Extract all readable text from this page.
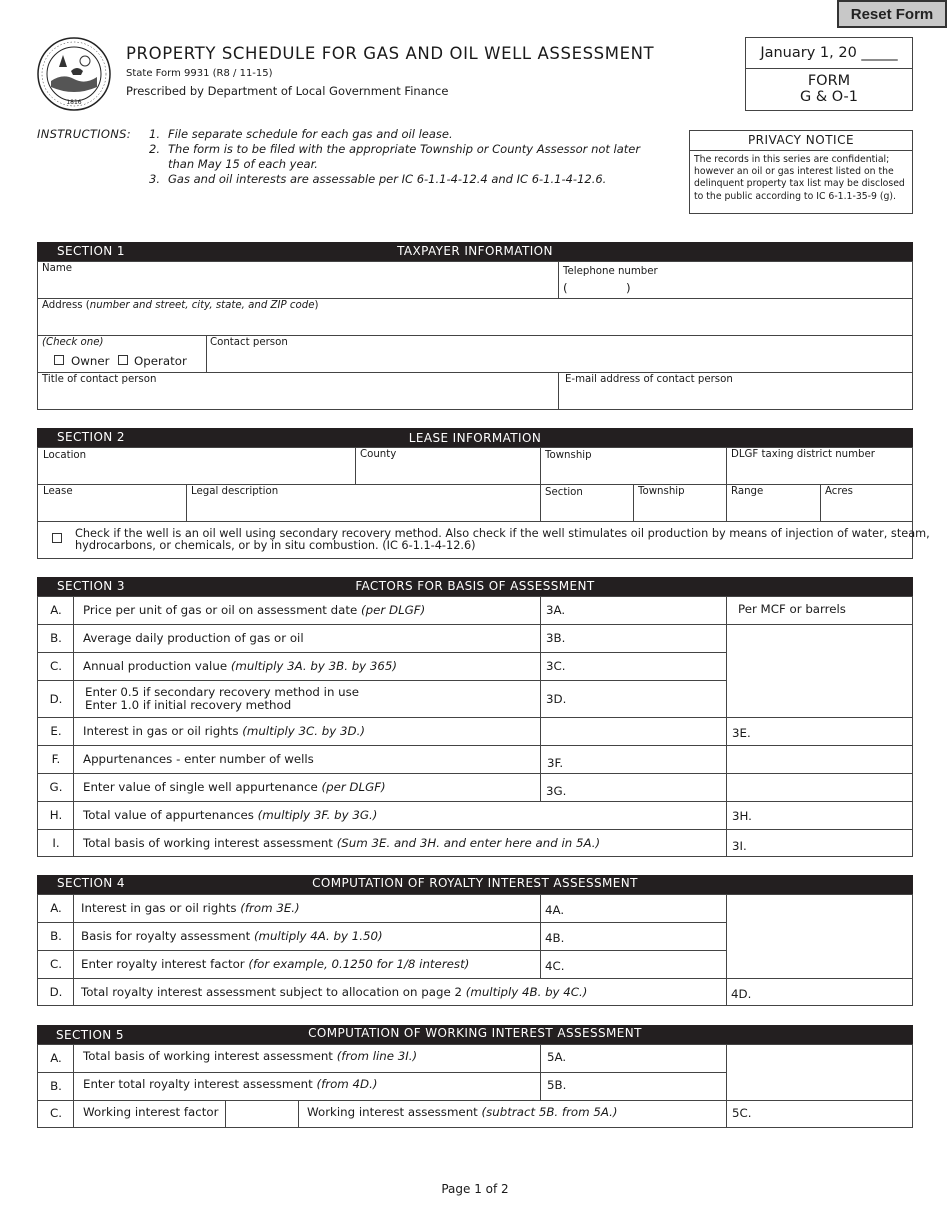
Reset Form
1816
PROPERTY SCHEDULE FOR GAS AND OIL WELL ASSESSMENT
State Form 9931 (R8 / 11-15)
Prescribed by Department of Local Government Finance
January 1, 20 _____
FORM
G & O-1
INSTRUCTIONS: 1. File separate schedule for each gas and oil lease.
2. The form is to be filed with the appropriate Township or County Assessor not later than May 15 of each year.
3. Gas and oil interests are assessable per IC 6-1.1-4-12.4 and IC 6-1.1-4-12.6.
PRIVACY NOTICE
The records in this series are confidential; however an oil or gas interest listed on the delinquent property tax list may be disclosed to the public according to IC 6-1.1-35-9 (g).
SECTION 1	TAXPAYER INFORMATION
Name	Telephone number
(	)
Address (number and street, city, state, and ZIP code)
(Check one)
Owner Operator
Contact person
Title of contact person	E-mail address of contact person
SECTION 2	LEASE INFORMATION
Location	County	Township	DLGF taxing district number
Lease	Legal description	Section	Township	Range	Acres
Check if the well is an oil well using secondary recovery method. Also check if the well stimulates oil production by means of injection of water, steam,
hydrocarbons, or chemicals, or by in situ combustion. (IC 6-1.1-4-12.6)
SECTION 3	FACTORS FOR BASIS OF ASSESSMENT
A.	Price per unit of gas or oil on assessment date (per DLGF)	3A.	Per MCF or barrels
B.	Average daily production of gas or oil	3B.
C.	Annual production value (multiply 3A. by 3B. by 365)	3C.
D.	Enter 0.5 if secondary recovery method in use
Enter 1.0 if initial recovery method	3D.
E.	Interest in gas or oil rights (multiply 3C. by 3D.)	3E.
F.	Appurtenances - enter number of wells	3F.
G.	Enter value of single well appurtenance (per DLGF)	3G.
H.	Total value of appurtenances (multiply 3F. by 3G.)	3H.
I.	Total basis of working interest assessment (Sum 3E. and 3H. and enter here and in 5A.)	3I.
SECTION 4	COMPUTATION OF ROYALTY INTEREST ASSESSMENT
A.	Interest in gas or oil rights (from 3E.)	4A.
B.	Basis for royalty assessment (multiply 4A. by 1.50)	4B.
C.	Enter royalty interest factor (for example, 0.1250 for 1/8 interest)	4C.
D.	Total royalty interest assessment subject to allocation on page 2 (multiply 4B. by 4C.)	4D.
SECTION 5	COMPUTATION OF WORKING INTEREST ASSESSMENT
A.	Total basis of working interest assessment (from line 3I.)	5A.
B.	Enter total royalty interest assessment (from 4D.)	5B.
C.	Working interest factor	Working interest assessment (subtract 5B. from 5A.)	5C.
Page 1 of 2
